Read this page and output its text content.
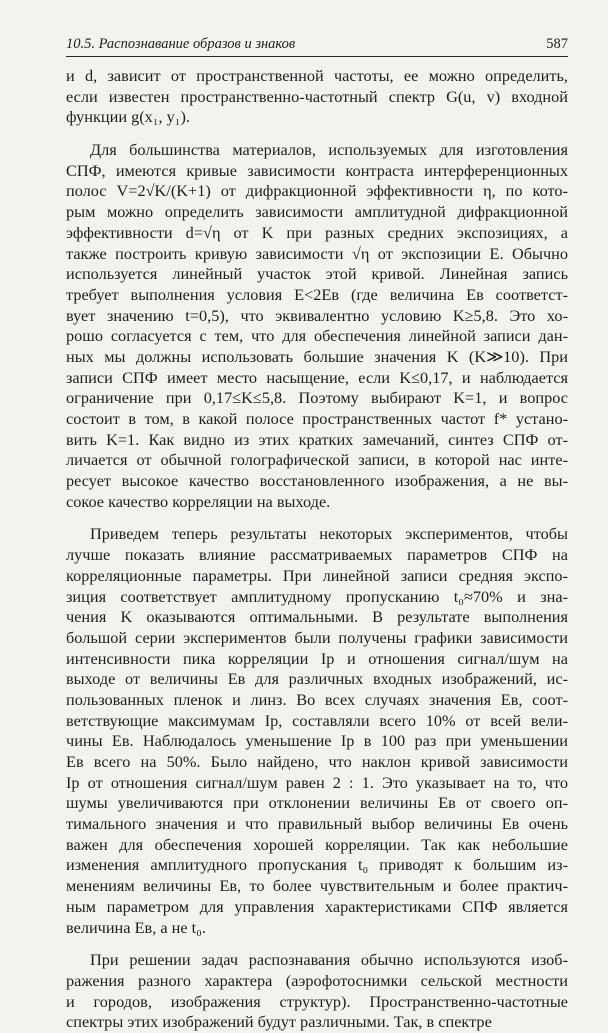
10.5. Распознавание образов и знаков	587
и d, зависит от пространственной частоты, ее можно определить,
если известен пространственно-частотный спектр G(u, v) входной
функции g(x₁, y₁).
Для большинства материалов, используемых для изготовления
СПФ, имеются кривые зависимости контраста интерференционных
полос V=2√K/(K+1) от дифракционной эффективности η, по кото-
рым можно определить зависимости амплитудной дифракционной
эффективности d=√η от K при разных средних экспозициях, а
также построить кривую зависимости √η от экспозиции E. Обычно
используется линейный участок этой кривой. Линейная запись
требует выполнения условия E<2Eв (где величина Eв соответст-
вует значению t=0,5), что эквивалентно условию K≥5,8. Это хо-
рошо согласуется с тем, что для обеспечения линейной записи дан-
ных мы должны использовать большие значения K (K≫10). При
записи СПФ имеет место насыщение, если K≤0,17, и наблюдается
ограничение при 0,17≤K≤5,8. Поэтому выбирают K=1, и вопрос
состоит в том, в какой полосе пространственных частот f* устано-
вить K=1. Как видно из этих кратких замечаний, синтез СПФ от-
личается от обычной голографической записи, в которой нас инте-
ресует высокое качество восстановленного изображения, а не вы-
сокое качество корреляции на выходе.
Приведем теперь результаты некоторых экспериментов, чтобы
лучше показать влияние рассматриваемых параметров СПФ на
корреляционные параметры. При линейной записи средняя экспо-
зиция соответствует амплитудному пропусканию t₀≈70% и зна-
чения K оказываются оптимальными. В результате выполнения
большой серии экспериментов были получены графики зависимости
интенсивности пика корреляции Iр и отношения сигнал/шум на
выходе от величины Eв для различных входных изображений, ис-
пользованных пленок и линз. Во всех случаях значения Eв, соот-
ветствующие максимумам Iр, составляли всего 10% от всей вели-
чины Eв. Наблюдалось уменьшение Iр в 100 раз при уменьшении
Eв всего на 50%. Было найдено, что наклон кривой зависимости
Iр от отношения сигнал/шум равен 2 : 1. Это указывает на то, что
шумы увеличиваются при отклонении величины Eв от своего оп-
тимального значения и что правильный выбор величины Eв очень
важен для обеспечения хорошей корреляции. Так как небольшие
изменения амплитудного пропускания t₀ приводят к большим из-
менениям величины Eв, то более чувствительным и более практич-
ным параметром для управления характеристиками СПФ является
величина Eв, а не t₀.
При решении задач распознавания обычно используются изоб-
ражения разного характера (аэрофотоснимки сельской местности
и городов, изображения структур). Пространственно-частотные
спектры этих изображений будут различными. Так, в спектре
